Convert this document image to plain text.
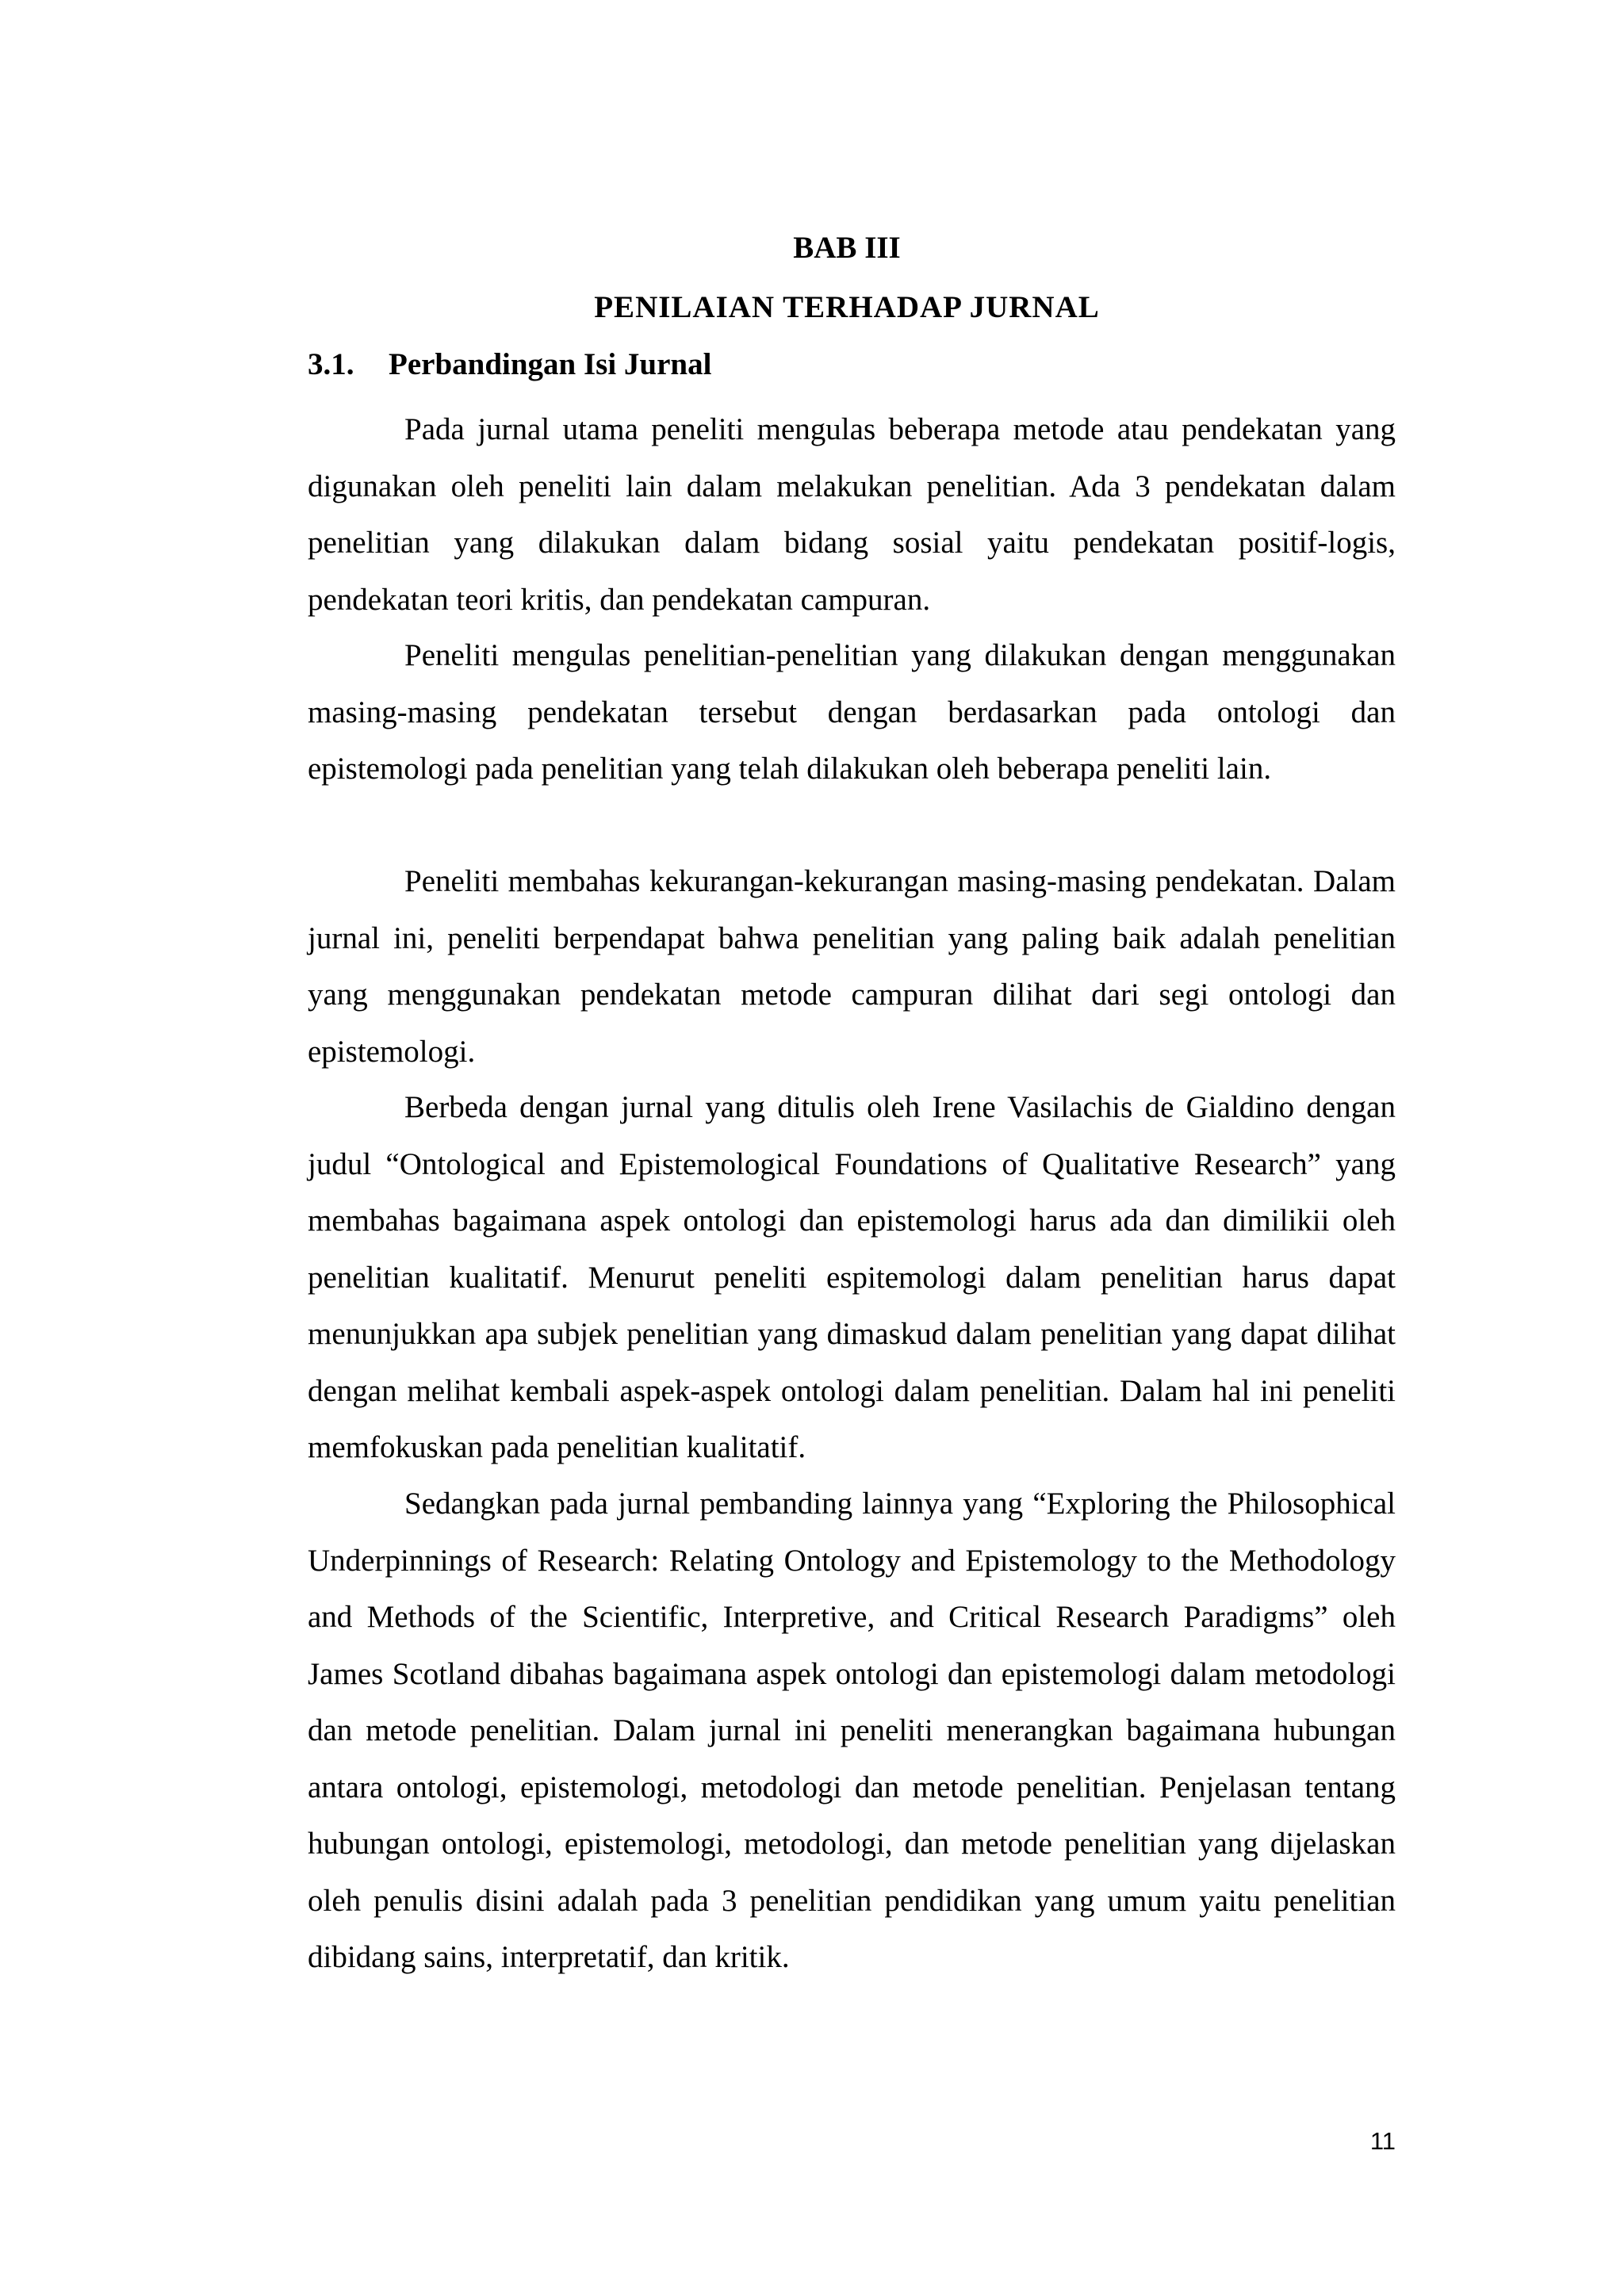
BAB III
PENILAIAN TERHADAP JURNAL
3.1. Perbandingan Isi Jurnal

Pada jurnal utama peneliti mengulas beberapa metode atau pendekatan yang digunakan oleh peneliti lain dalam melakukan penelitian. Ada 3 pendekatan dalam penelitian yang dilakukan dalam bidang sosial yaitu pendekatan positif-logis, pendekatan teori kritis, dan pendekatan campuran.

Peneliti mengulas penelitian-penelitian yang dilakukan dengan menggunakan masing-masing pendekatan tersebut dengan berdasarkan pada ontologi dan epistemologi pada penelitian yang telah dilakukan oleh beberapa peneliti lain.

Peneliti membahas kekurangan-kekurangan masing-masing pendekatan. Dalam jurnal ini, peneliti berpendapat bahwa penelitian yang paling baik adalah penelitian yang menggunakan pendekatan metode campuran dilihat dari segi ontologi dan epistemologi.

Berbeda dengan jurnal yang ditulis oleh Irene Vasilachis de Gialdino dengan judul “Ontological and Epistemological Foundations of Qualitative Research” yang membahas bagaimana aspek ontologi dan epistemologi harus ada dan dimilikii oleh penelitian kualitatif. Menurut peneliti espitemologi dalam penelitian harus dapat menunjukkan apa subjek penelitian yang dimaskud dalam penelitian yang dapat dilihat dengan melihat kembali aspek-aspek ontologi dalam penelitian. Dalam hal ini peneliti memfokuskan pada penelitian kualitatif.

Sedangkan pada jurnal pembanding lainnya yang “Exploring the Philosophical Underpinnings of Research: Relating Ontology and Epistemology to the Methodology and Methods of the Scientific, Interpretive, and Critical Research Paradigms” oleh James Scotland dibahas bagaimana aspek ontologi dan epistemologi dalam metodologi dan metode penelitian. Dalam jurnal ini peneliti menerangkan bagaimana hubungan antara ontologi, epistemologi, metodologi dan metode penelitian. Penjelasan tentang hubungan ontologi, epistemologi, metodologi, dan metode penelitian yang dijelaskan oleh penulis disini adalah pada 3 penelitian pendidikan yang umum yaitu penelitian dibidang sains, interpretatif, dan kritik.

11
